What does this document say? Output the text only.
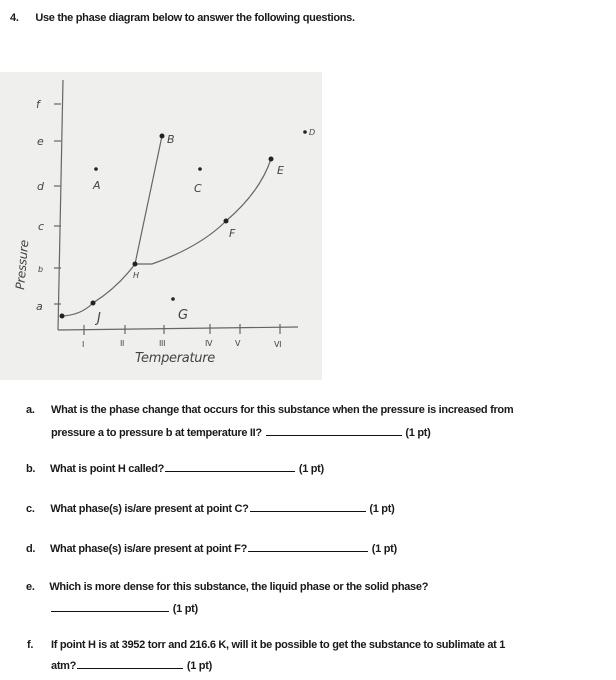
4. Use the phase diagram below to answer the following questions.
A
B
C
D
E
F
G
H
J
f
e
d
c
b
a
I	II	III	IV	V	VI
Temperature
Pressure
a. What is the phase change that occurs for this substance when the pressure is increased from
pressure a to pressure b at temperature II?	(1 pt)
b. What is point H called?	(1 pt)
c. What phase(s) is/are present at point C?	(1 pt)
d. What phase(s) is/are present at point F?	(1 pt)
e. Which is more dense for this substance, the liquid phase or the solid phase?
(1 pt)
f. If point H is at 3952 torr and 216.6 K, will it be possible to get the substance to sublimate at 1
atm?	(1 pt)
